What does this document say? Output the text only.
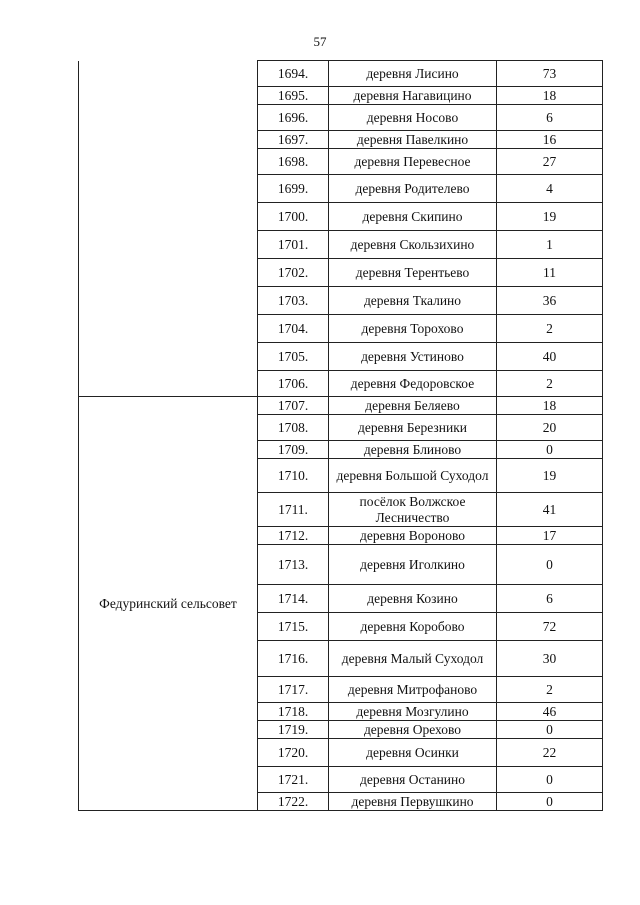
57
	1694.	деревня Лисино	73
	1695.	деревня Нагавицино	18
	1696.	деревня Носово	6
	1697.	деревня Павелкино	16
	1698.	деревня Перевесное	27
	1699.	деревня Родителево	4
	1700.	деревня Скипино	19
	1701.	деревня Скользихино	1
	1702.	деревня Терентьево	11
	1703.	деревня Ткалино	36
	1704.	деревня Торохово	2
	1705.	деревня Устиново	40
	1706.	деревня Федоровское	2
Федуринский сельсовет	1707.	деревня Беляево	18
	1708.	деревня Березники	20
	1709.	деревня Блиново	0
	1710.	деревня Большой Суходол	19
	1711.	посёлок Волжское Лесничество	41
	1712.	деревня Вороново	17
	1713.	деревня Иголкино	0
	1714.	деревня Козино	6
	1715.	деревня Коробово	72
	1716.	деревня Малый Суходол	30
	1717.	деревня Митрофаново	2
	1718.	деревня Мозгулино	46
	1719.	деревня Орехово	0
	1720.	деревня Осинки	22
	1721.	деревня Останино	0
	1722.	деревня Первушкино	0
